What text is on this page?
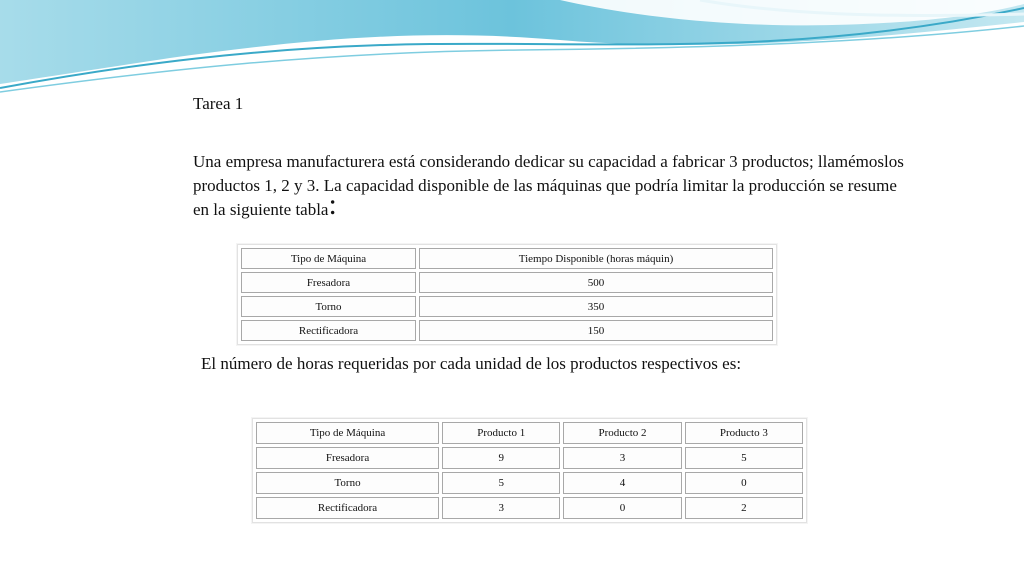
Tarea 1

Una empresa manufacturera está considerando dedicar su capacidad a fabricar 3 productos; llamémoslos productos 1, 2 y 3. La capacidad disponible de las máquinas que podría limitar la producción se resume en la siguiente tabla:

Tipo de Máquina	Tiempo Disponible (horas máquin)
Fresadora	500
Torno	350
Rectificadora	150

El número de horas requeridas por cada unidad de los productos respectivos es:

Tipo de Máquina	Producto 1	Producto 2	Producto 3
Fresadora	9	3	5
Torno	5	4	0
Rectificadora	3	0	2
